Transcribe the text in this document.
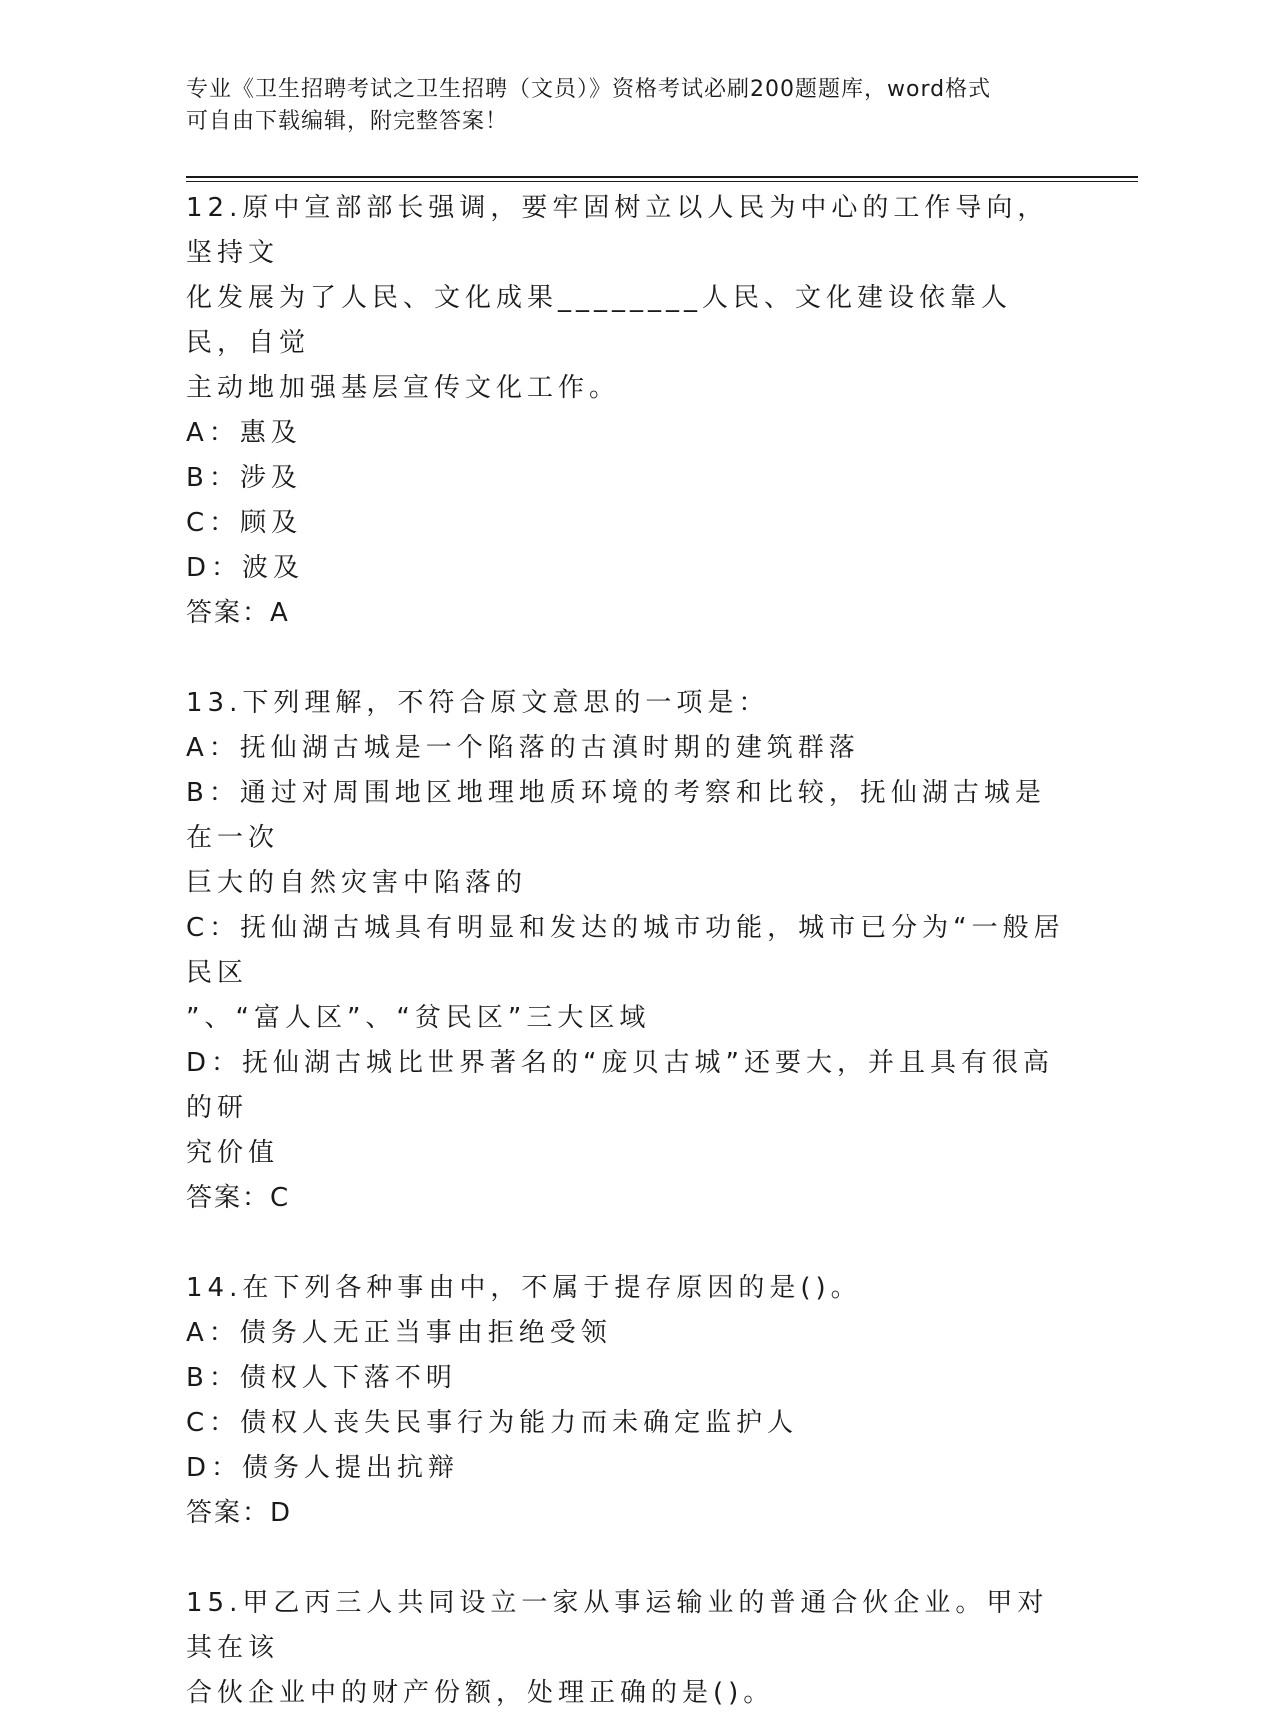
专业《卫生招聘考试之卫生招聘（文员）》资格考试必刷200题题库，word格式
可自由下载编辑，附完整答案！
12.原中宣部部长强调，要牢固树立以人民为中心的工作导向，坚持文
化发展为了人民、文化成果________人民、文化建设依靠人民，自觉
主动地加强基层宣传文化工作。
A：惠及
B：涉及
C：顾及
D：波及
答案：A
13.下列理解，不符合原文意思的一项是：
A：抚仙湖古城是一个陷落的古滇时期的建筑群落
B：通过对周围地区地理地质环境的考察和比较，抚仙湖古城是在一次
巨大的自然灾害中陷落的
C：抚仙湖古城具有明显和发达的城市功能，城市已分为“一般居民区
”、“富人区”、“贫民区”三大区域
D：抚仙湖古城比世界著名的“庞贝古城”还要大，并且具有很高的研
究价值
答案：C
14.在下列各种事由中，不属于提存原因的是()。
A：债务人无正当事由拒绝受领
B：债权人下落不明
C：债权人丧失民事行为能力而未确定监护人
D：债务人提出抗辩
答案：D
15.甲乙丙三人共同设立一家从事运输业的普通合伙企业。甲对其在该
合伙企业中的财产份额，处理正确的是()。
